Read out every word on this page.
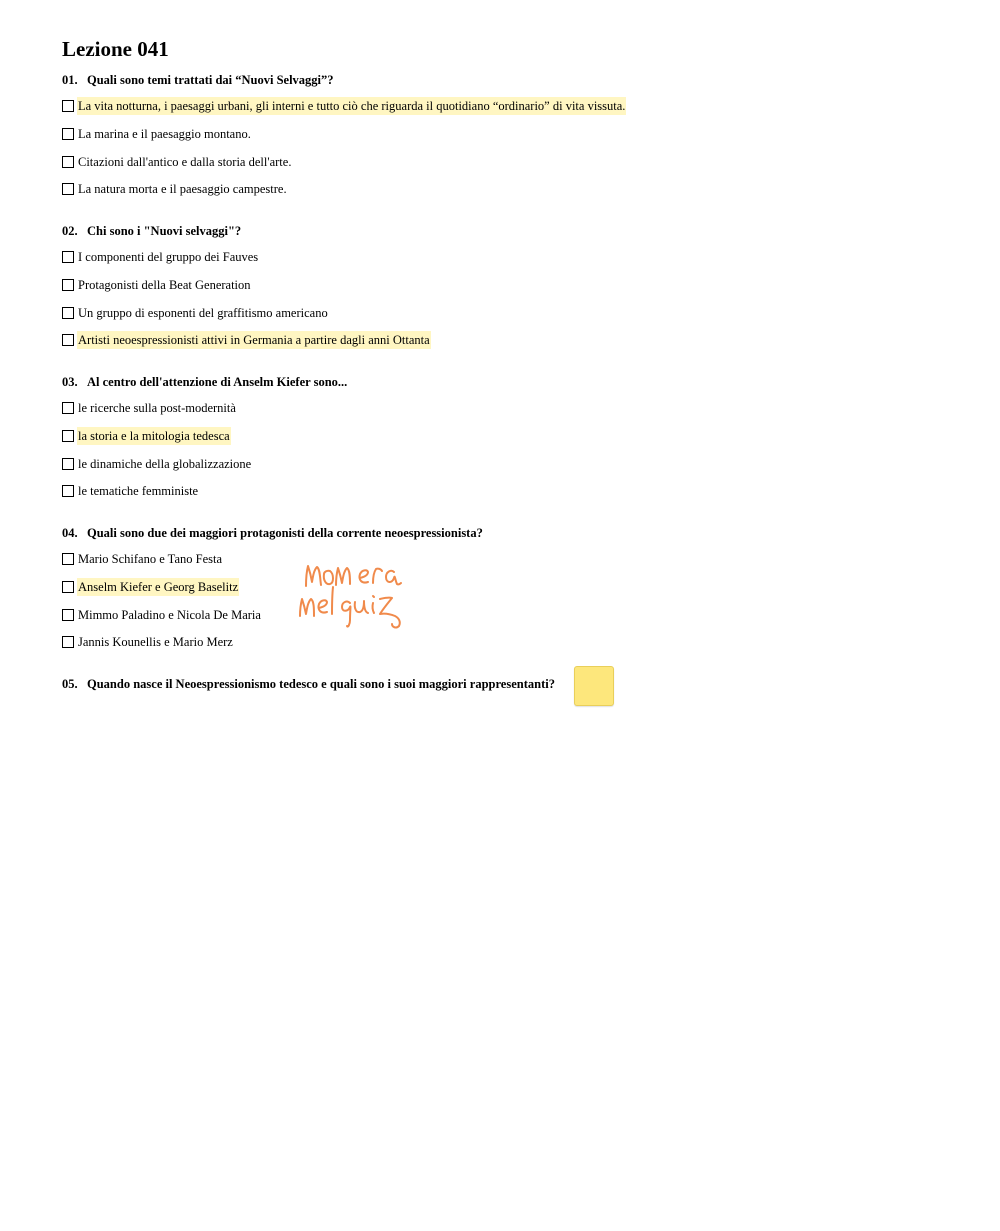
Lezione 041
01. Quali sono temi trattati dai “Nuovi Selvaggi”?
La vita notturna, i paesaggi urbani, gli interni e tutto ciò che riguarda il quotidiano “ordinario” di vita vissuta.
La marina e il paesaggio montano.
Citazioni dall'antico e dalla storia dell'arte.
La natura morta e il paesaggio campestre.
02. Chi sono i "Nuovi selvaggi"?
I componenti del gruppo dei Fauves
Protagonisti della Beat Generation
Un gruppo di esponenti del graffitismo americano
Artisti neoespressionisti attivi in Germania a partire dagli anni Ottanta
03. Al centro dell'attenzione di Anselm Kiefer sono...
le ricerche sulla post-modernità
la storia e la mitologia tedesca
le dinamiche della globalizzazione
le tematiche femministe
04. Quali sono due dei maggiori protagonisti della corrente neoespressionista?
Mario Schifano e Tano Festa
Anselm Kiefer e Georg Baselitz
Mimmo Paladino e Nicola De Maria
Jannis Kounellis e Mario Merz
05. Quando nasce il Neoespressionismo tedesco e quali sono i suoi maggiori rappresentanti?
